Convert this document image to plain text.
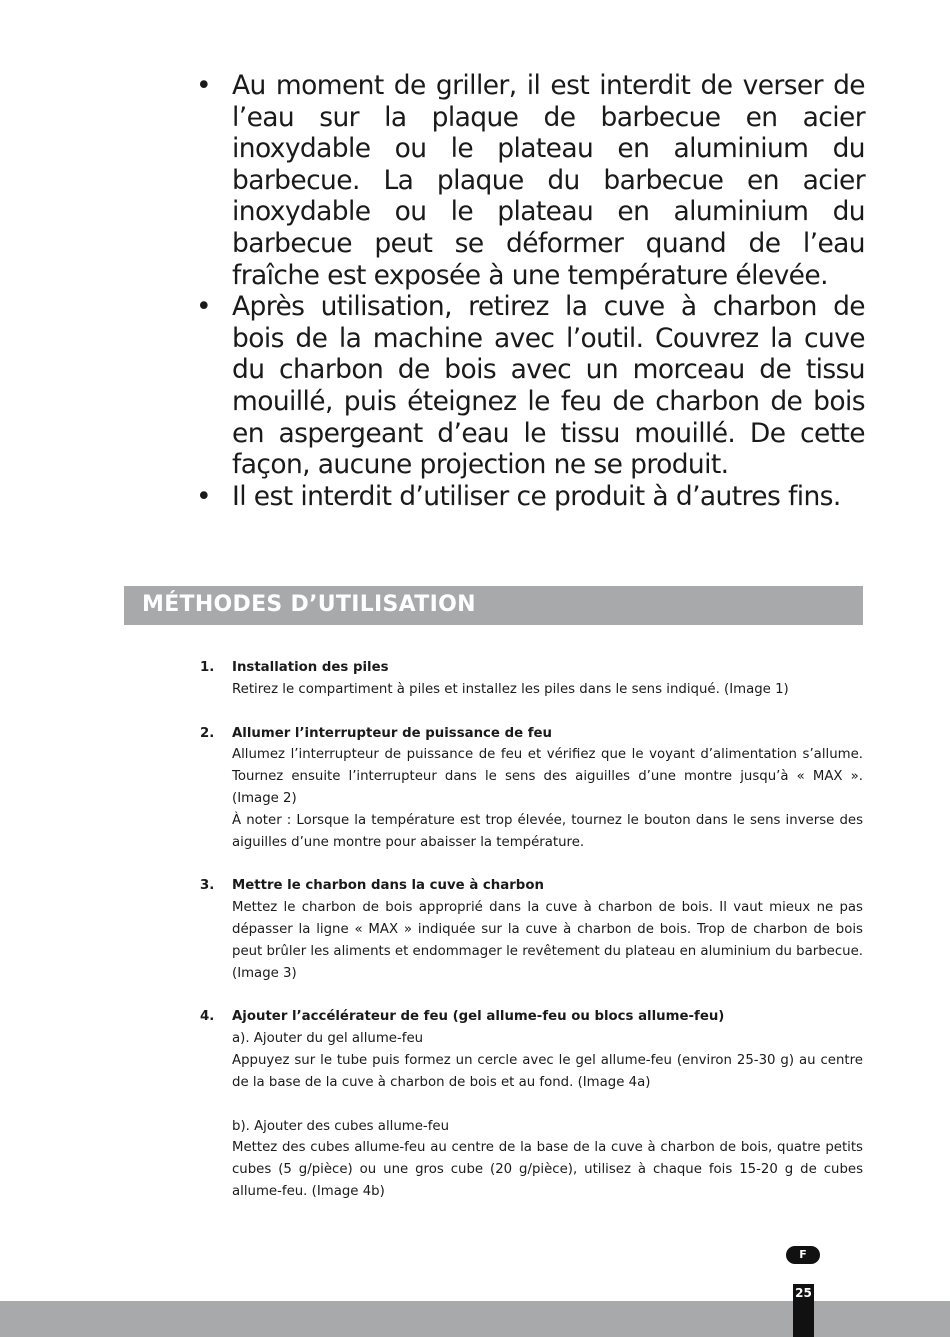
• Au moment de griller, il est interdit de verser de l’eau sur la plaque de barbecue en acier inoxydable ou le plateau en aluminium du barbecue. La plaque du barbecue en acier inoxydable ou le plateau en aluminium du barbecue peut se déformer quand de l’eau fraîche est exposée à une température élevée.
• Après utilisation, retirez la cuve à charbon de bois de la machine avec l’outil. Couvrez la cuve du charbon de bois avec un morceau de tissu mouillé, puis éteignez le feu de charbon de bois en aspergeant d’eau le tissu mouillé. De cette façon, aucune projection ne se produit.
• Il est interdit d’utiliser ce produit à d’autres fins.
MÉTHODES D’UTILISATION
1. Installation des piles
Retirez le compartiment à piles et installez les piles dans le sens indiqué. (Image 1)
2. Allumer l’interrupteur de puissance de feu
Allumez l’interrupteur de puissance de feu et vérifiez que le voyant d’alimentation s’allume. Tournez ensuite l’interrupteur dans le sens des aiguilles d’une montre jusqu’à « MAX ». (Image 2)
À noter : Lorsque la température est trop élevée, tournez le bouton dans le sens inverse des aiguilles d’une montre pour abaisser la température.
3. Mettre le charbon dans la cuve à charbon
Mettez le charbon de bois approprié dans la cuve à charbon de bois. Il vaut mieux ne pas dépasser la ligne « MAX » indiquée sur la cuve à charbon de bois. Trop de charbon de bois peut brûler les aliments et endommager le revêtement du plateau en aluminium du barbecue. (Image 3)
4. Ajouter l’accélérateur de feu (gel allume-feu ou blocs allume-feu)
a). Ajouter du gel allume-feu
Appuyez sur le tube puis formez un cercle avec le gel allume-feu (environ 25-30 g) au centre de la base de la cuve à charbon de bois et au fond. (Image 4a)
b). Ajouter des cubes allume-feu
Mettez des cubes allume-feu au centre de la base de la cuve à charbon de bois, quatre petits cubes (5 g/pièce) ou une gros cube (20 g/pièce), utilisez à chaque fois 15-20 g de cubes allume-feu. (Image 4b)
F
25
